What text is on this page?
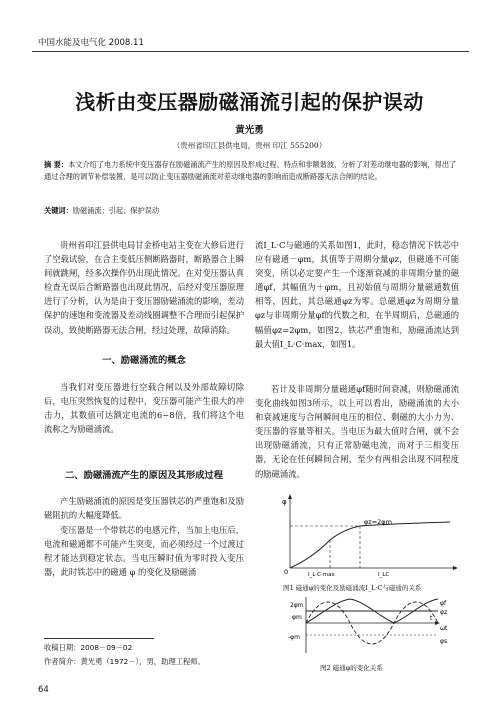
中国水能及电气化 2008.11
浅析由变压器励磁涌流引起的保护误动
黄光勇
（贵州省印江县供电局，贵州 印江 555200）
摘 要：本文介绍了电力系统中变压器存在励磁涌流产生的原因及形成过程、特点和非额谐波，分析了对差动继电器的影响，得出了通过合理的调节补偿装置，是可以防止变压器励磁涌流对差动继电器的影响而造成断路器无法合闸的结论。
关键词：励磁涌流；引起；保护误动

贵州省印江县供电局甘金桥电站主变在大修后进行了空载试验，在合主变低压侧断路器时，断路器合上瞬间就跳闸，经多次操作仍出现此情况。在对变压器认真检查无误后合断路器也出现此情况，后经对变压器原理进行了分析，认为是由于变压器励磁涌流的影响，差动保护的速饱和变流器及差动线圈调整不合理而引起保护误动，致使断路器无法合闸，经过处理，故障消除。

一、励磁涌流的概念

当我们对变压器进行空载合闸以及外部故障切除后，电压突然恢复的过程中，变压器可能产生很大的冲击力，其数值可达额定电流的6~8倍，我们将这个电流称之为励磁涌流。

二、励磁涌流产生的原因及其形成过程

产生励磁涌流的原因是变压器铁芯的严重饱和及励磁阻抗的大幅度降低。

变压器是一个带铁芯的电感元件，当加上电压后，电流和磁通都不可能产生突变，而必须经过一个过渡过程才能达到稳定状态。当电压瞬时值为零时投入变压器，此时铁芯中的磁通 φ 的变化及励磁涌

流I_L·C与磁通的关系如图1，此时，稳态情况下铁芯中应有磁通－φm，其值等于周期分量φz，但磁通不可能突变，所以必定要产生一个逐渐衰减的非周期分量的磁通φf，其幅值为＋φm，且初始值与周期分量磁通数值相等，因此，其总磁通φz为零。总磁通φz为周期分量φz与非周期分量φf的代数之和，在半周期后，总磁通的幅值φz=2φm，如图2，铁芯严重饱和，励磁涌流达到最大值I_L·C·max，如图1。

若计及非周期分量磁通φf随时间衰减，则励磁涌流变化曲线如图3所示，以上可以看出，励磁涌流的大小和衰减速度与合闸瞬间电压的相位、剩磁的大小力为、变压器的容量等相关。当电压为最大值时合闸，就不会出现励磁涌流，只有正常励磁电流，而对于三相变压器，无论在任何瞬间合闸，至少有两相会出现不同程度的励磁涌流。

φ
φz=2φm
0	I_L·C·max	I_LC
图1 磁通φ的变化及励磁涌流I_L·C与磁通的关系
2φm
φm
-φm
φf
φz
ωt
φs
t
图2 磁通φ的变化关系
收稿日期：2008－09－02
作者简介：黄光勇（1972－），男，助理工程师。
64
